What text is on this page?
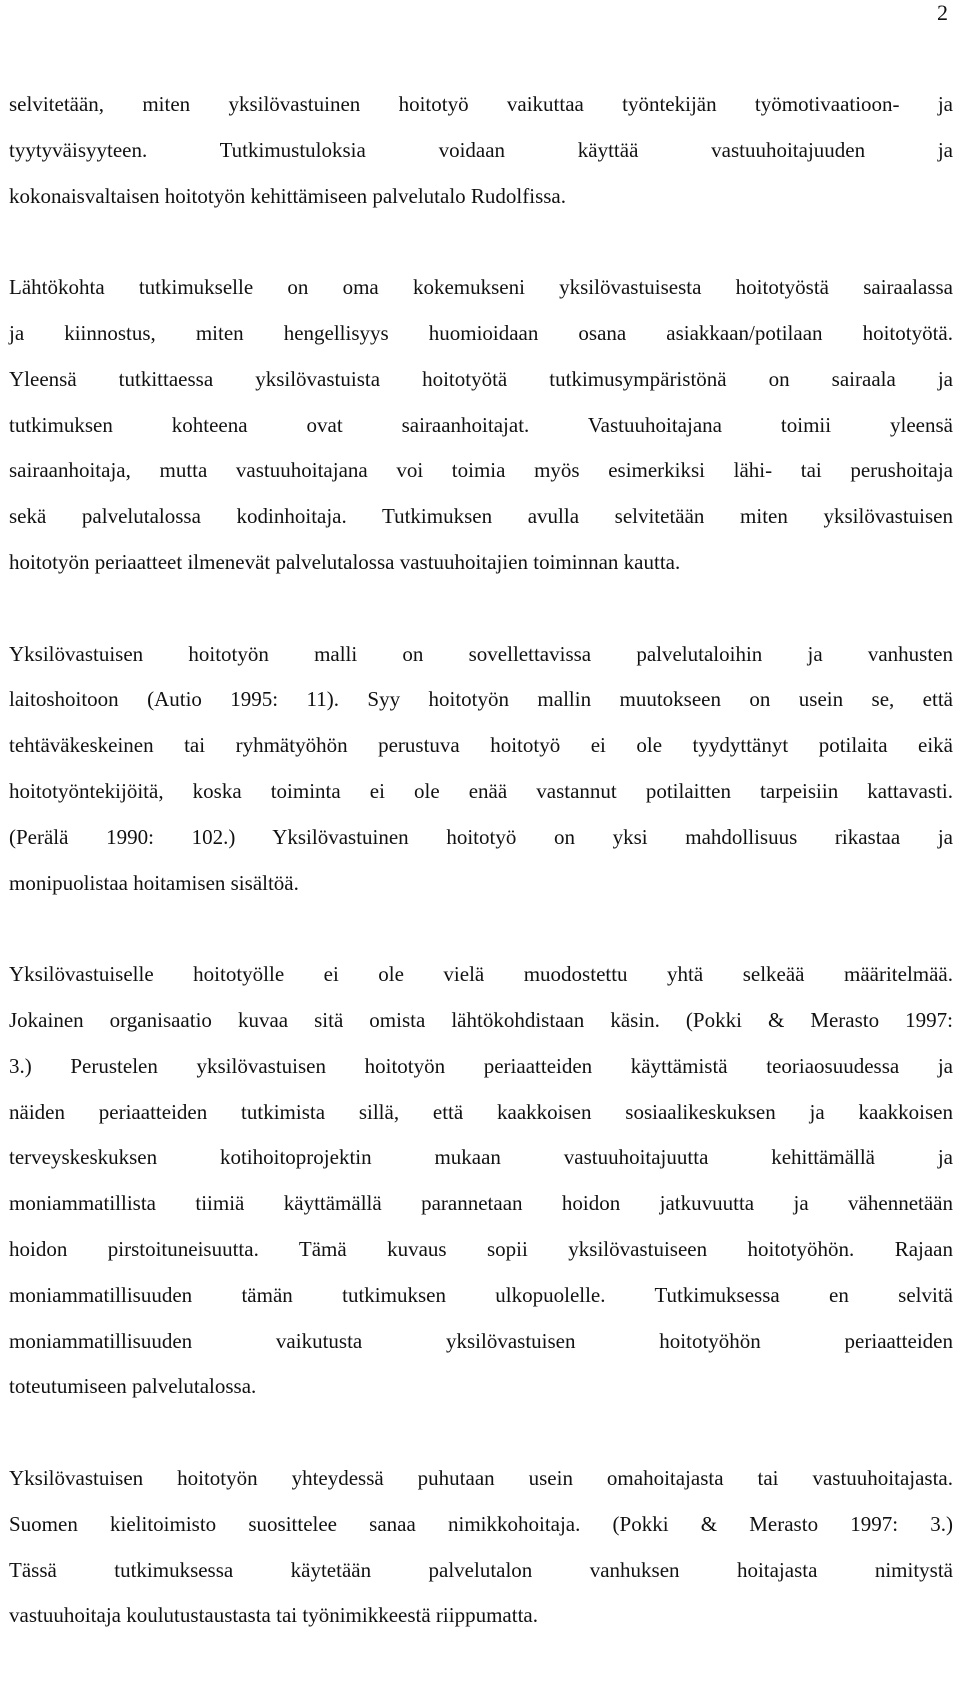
2
selvitetään, miten yksilövastuinen hoitotyö vaikuttaa työntekijän työmotivaatioon- ja
tyytyväisyyteen. Tutkimustuloksia voidaan käyttää vastuuhoitajuuden ja
kokonaisvaltaisen hoitotyön kehittämiseen palvelutalo Rudolfissa.
Lähtökohta tutkimukselle on oma kokemukseni yksilövastuisesta hoitotyöstä sairaalassa
ja kiinnostus, miten hengellisyys huomioidaan osana asiakkaan/potilaan hoitotyötä.
Yleensä tutkittaessa yksilövastuista hoitotyötä tutkimusympäristönä on sairaala ja
tutkimuksen kohteena ovat sairaanhoitajat. Vastuuhoitajana toimii yleensä
sairaanhoitaja, mutta vastuuhoitajana voi toimia myös esimerkiksi lähi- tai perushoitaja
sekä palvelutalossa kodinhoitaja. Tutkimuksen avulla selvitetään miten yksilövastuisen
hoitotyön periaatteet ilmenevät palvelutalossa vastuuhoitajien toiminnan kautta.
Yksilövastuisen hoitotyön malli on sovellettavissa palvelutaloihin ja vanhusten
laitoshoitoon (Autio 1995: 11). Syy hoitotyön mallin muutokseen on usein se, että
tehtäväkeskeinen tai ryhmätyöhön perustuva hoitotyö ei ole tyydyttänyt potilaita eikä
hoitotyöntekijöitä, koska toiminta ei ole enää vastannut potilaitten tarpeisiin kattavasti.
(Perälä 1990: 102.) Yksilövastuinen hoitotyö on yksi mahdollisuus rikastaa ja
monipuolistaa hoitamisen sisältöä.
Yksilövastuiselle hoitotyölle ei ole vielä muodostettu yhtä selkeää määritelmää.
Jokainen organisaatio kuvaa sitä omista lähtökohdistaan käsin. (Pokki & Merasto 1997:
3.) Perustelen yksilövastuisen hoitotyön periaatteiden käyttämistä teoriaosuudessa ja
näiden periaatteiden tutkimista sillä, että kaakkoisen sosiaalikeskuksen ja kaakkoisen
terveyskeskuksen kotihoitoprojektin mukaan vastuuhoitajuutta kehittämällä ja
moniammatillista tiimiä käyttämällä parannetaan hoidon jatkuvuutta ja vähennetään
hoidon pirstoituneisuutta. Tämä kuvaus sopii yksilövastuiseen hoitotyöhön. Rajaan
moniammatillisuuden tämän tutkimuksen ulkopuolelle. Tutkimuksessa en selvitä
moniammatillisuuden vaikutusta yksilövastuisen hoitotyöhön periaatteiden
toteutumiseen palvelutalossa.
Yksilövastuisen hoitotyön yhteydessä puhutaan usein omahoitajasta tai vastuuhoitajasta.
Suomen kielitoimisto suosittelee sanaa nimikkohoitaja. (Pokki & Merasto 1997: 3.)
Tässä tutkimuksessa käytetään palvelutalon vanhuksen hoitajasta nimitystä
vastuuhoitaja koulutustaustasta tai työnimikkeestä riippumatta.
